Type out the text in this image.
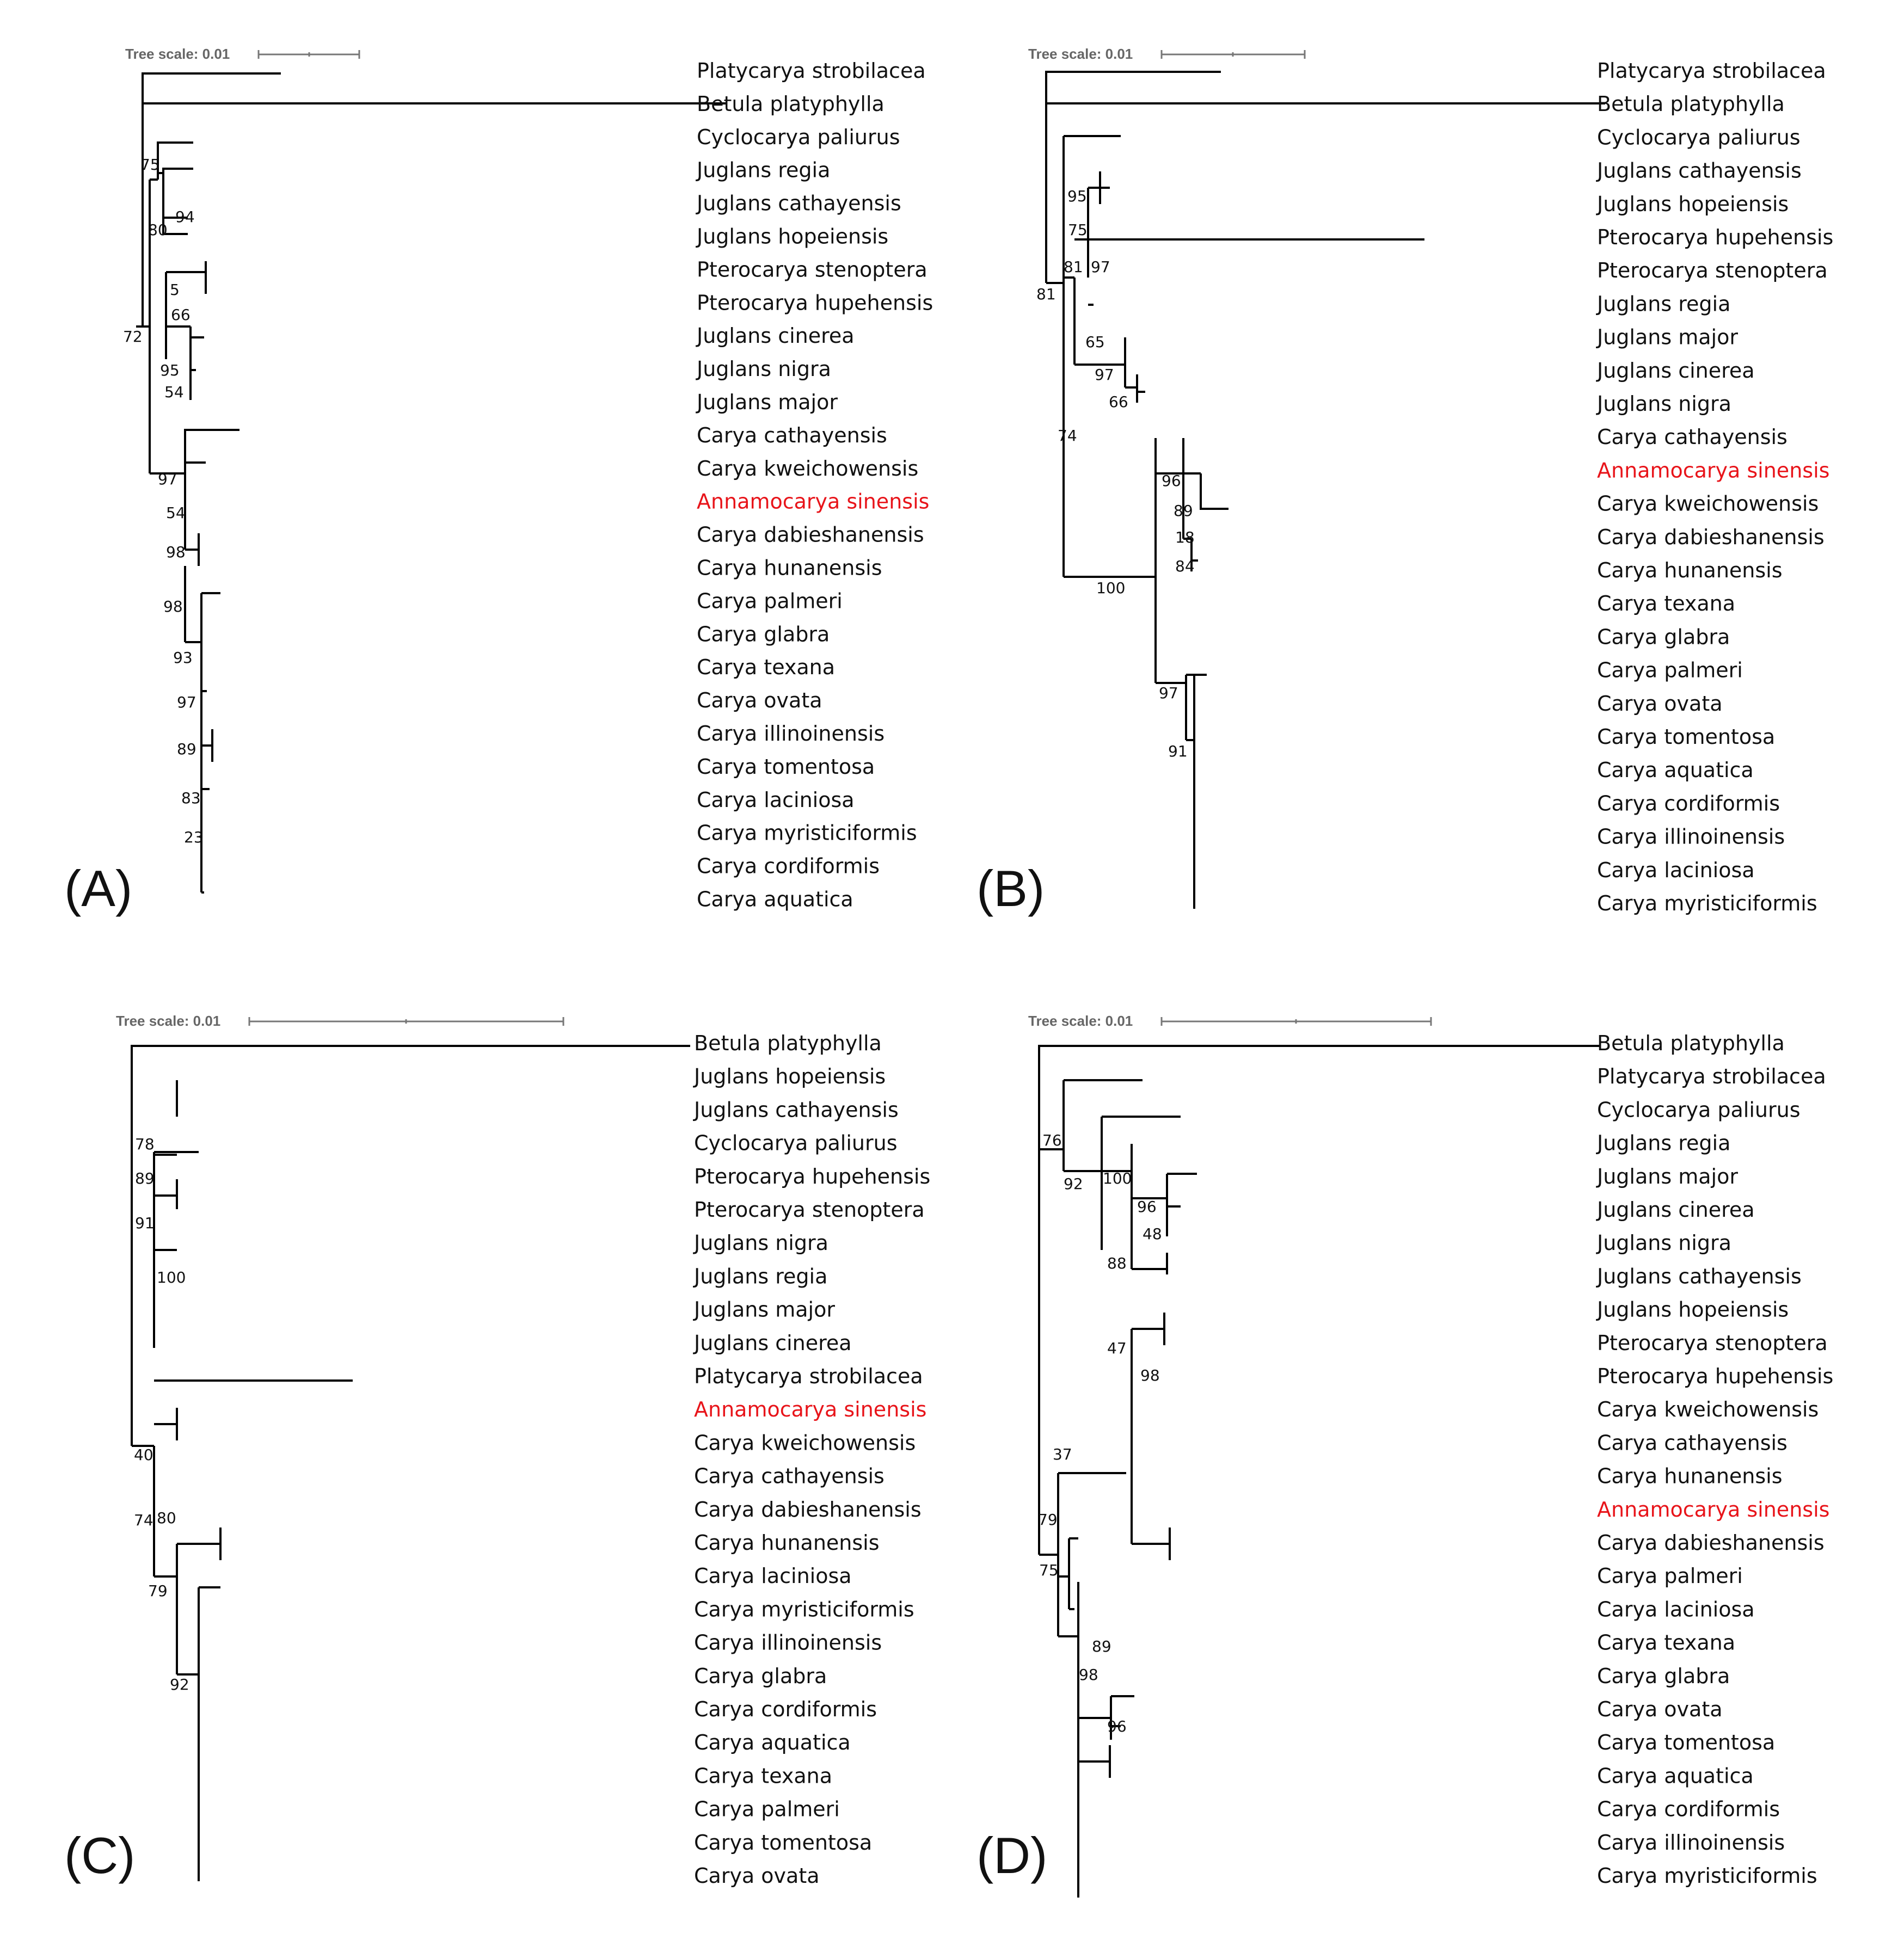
Tree scale: 0.01
Platycarya strobilacea
Betula platyphylla
Cyclocarya paliurus
Juglans regia
Juglans cathayensis
Juglans hopeiensis
Pterocarya stenoptera
Pterocarya hupehensis
Juglans cinerea
Juglans nigra
Juglans major
Carya cathayensis
Carya kweichowensis
Annamocarya sinensis
Carya dabieshanensis
Carya hunanensis
Carya palmeri
Carya glabra
Carya texana
Carya ovata
Carya illinoinensis
Carya tomentosa
Carya laciniosa
Carya myristiciformis
Carya cordiformis
Carya aquatica
75
94
80
5
66
72
95
54
97
54
98
98
93
97
89
83
23
(A)
Tree scale: 0.01
Platycarya strobilacea
Betula platyphylla
Cyclocarya paliurus
Juglans cathayensis
Juglans hopeiensis
Pterocarya hupehensis
Pterocarya stenoptera
Juglans regia
Juglans major
Juglans cinerea
Juglans nigra
Carya cathayensis
Annamocarya sinensis
Carya kweichowensis
Carya dabieshanensis
Carya hunanensis
Carya texana
Carya glabra
Carya palmeri
Carya ovata
Carya tomentosa
Carya aquatica
Carya cordiformis
Carya illinoinensis
Carya laciniosa
Carya myristiciformis
95
75
81 97
81
65
97
66
74
96
89
18
84
100
97
91
(B)
Tree scale: 0.01
Betula platyphylla
Juglans hopeiensis
Juglans cathayensis
Cyclocarya paliurus
Pterocarya hupehensis
Pterocarya stenoptera
Juglans nigra
Juglans regia
Juglans major
Juglans cinerea
Platycarya strobilacea
Annamocarya sinensis
Carya kweichowensis
Carya cathayensis
Carya dabieshanensis
Carya hunanensis
Carya laciniosa
Carya myristiciformis
Carya illinoinensis
Carya glabra
Carya cordiformis
Carya aquatica
Carya texana
Carya palmeri
Carya tomentosa
Carya ovata
78
89
91
100
40
74 80
79
92
(C)
Tree scale: 0.01
Betula platyphylla
Platycarya strobilacea
Cyclocarya paliurus
Juglans regia
Juglans major
Juglans cinerea
Juglans nigra
Juglans cathayensis
Juglans hopeiensis
Pterocarya stenoptera
Pterocarya hupehensis
Carya kweichowensis
Carya cathayensis
Carya hunanensis
Annamocarya sinensis
Carya dabieshanensis
Carya palmeri
Carya laciniosa
Carya texana
Carya glabra
Carya ovata
Carya tomentosa
Carya aquatica
Carya cordiformis
Carya illinoinensis
Carya myristiciformis
76
92 100
96
48
88
47
98
37
79
75
89
98
96
(D)
